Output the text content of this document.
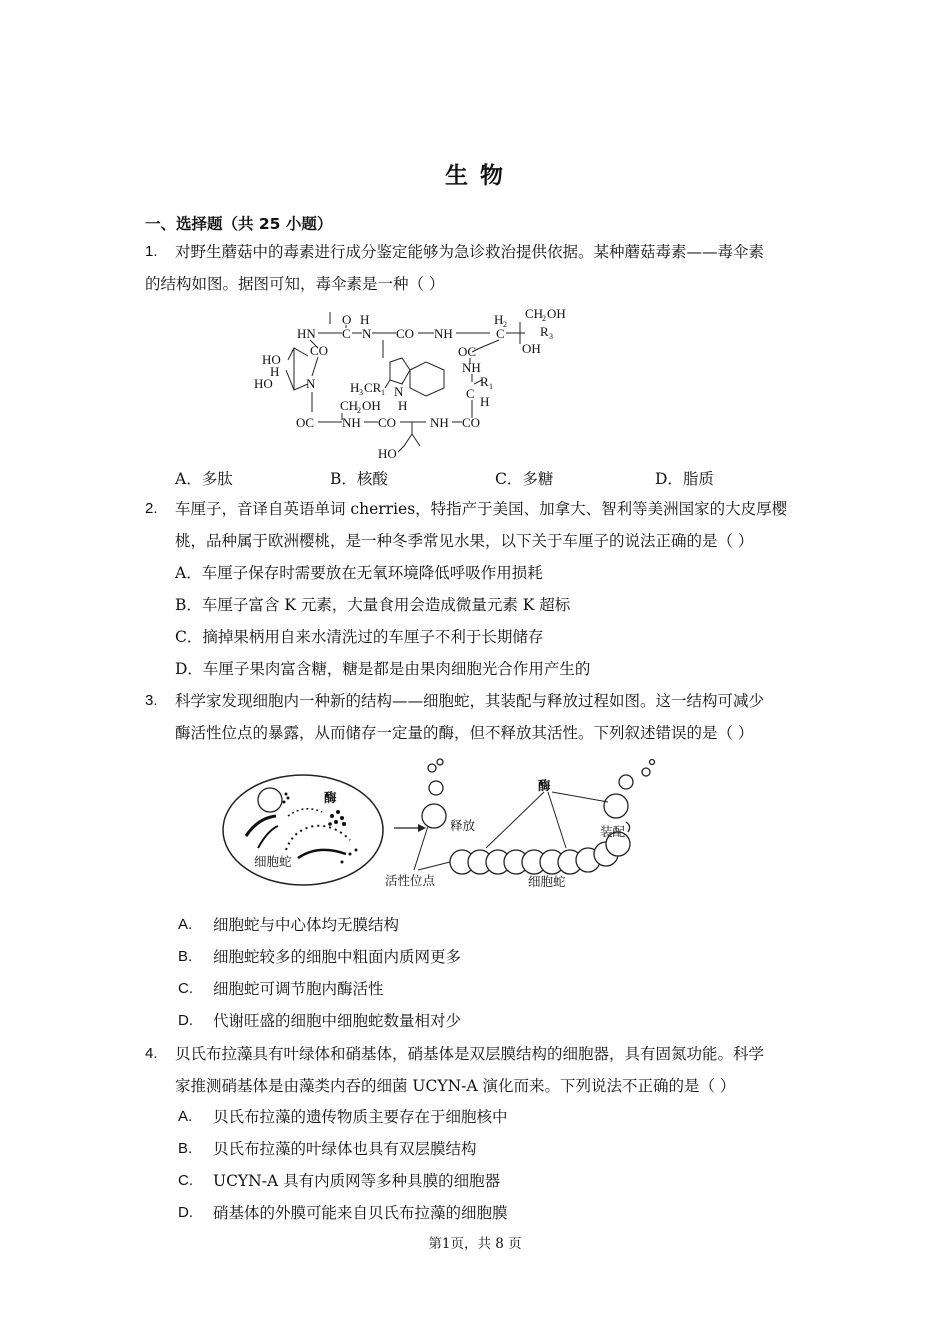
生 物
一、选择题（共 25 小题）
1. 对野生蘑菇中的毒素进行成分鉴定能够为急诊救治提供依据。某种蘑菇毒素——毒伞素
的结构如图。据图可知，毒伞素是一种（ ）
HN C
O
N
H
CO NH
H 2
C
CH
2 OH
R 3
OH
CO
HO
H
HO	N	H 3 CR 1 N
H
OC
NH
R 1
C
H
CH
2 OH
OC NH CO	NH CO
HO
A．多肽	B．核酸	C．多糖	D．脂质
2. 车厘子，音译自英语单词 cherries，特指产于美国、加拿大、智利等美洲国家的大皮厚樱
桃，品种属于欧洲樱桃，是一种冬季常见水果，以下关于车厘子的说法正确的是（ ）
A．车厘子保存时需要放在无氧环境降低呼吸作用损耗
B．车厘子富含 K 元素，大量食用会造成微量元素 K 超标
C．摘掉果柄用自来水清洗过的车厘子不利于长期储存
D．车厘子果肉富含糖，糖是都是由果肉细胞光合作用产生的
3. 科学家发现细胞内一种新的结构——细胞蛇，其装配与释放过程如图。这一结构可减少
酶活性位点的暴露，从而储存一定量的酶，但不释放其活性。下列叙述错误的是（ ）
酶
细胞蛇
释放	装配
酶
活性位点	细胞蛇
A. 细胞蛇与中心体均无膜结构
B. 细胞蛇较多的细胞中粗面内质网更多
C. 细胞蛇可调节胞内酶活性
D. 代谢旺盛的细胞中细胞蛇数量相对少
4. 贝氏布拉藻具有叶绿体和硝基体，硝基体是双层膜结构的细胞器，具有固氮功能。科学
家推测硝基体是由藻类内吞的细菌 UCYN-A 演化而来。下列说法不正确的是（ ）
A. 贝氏布拉藻的遗传物质主要存在于细胞核中
B. 贝氏布拉藻的叶绿体也具有双层膜结构
C. UCYN-A 具有内质网等多种具膜的细胞器
D. 硝基体的外膜可能来自贝氏布拉藻的细胞膜
第1页，共 8 页
